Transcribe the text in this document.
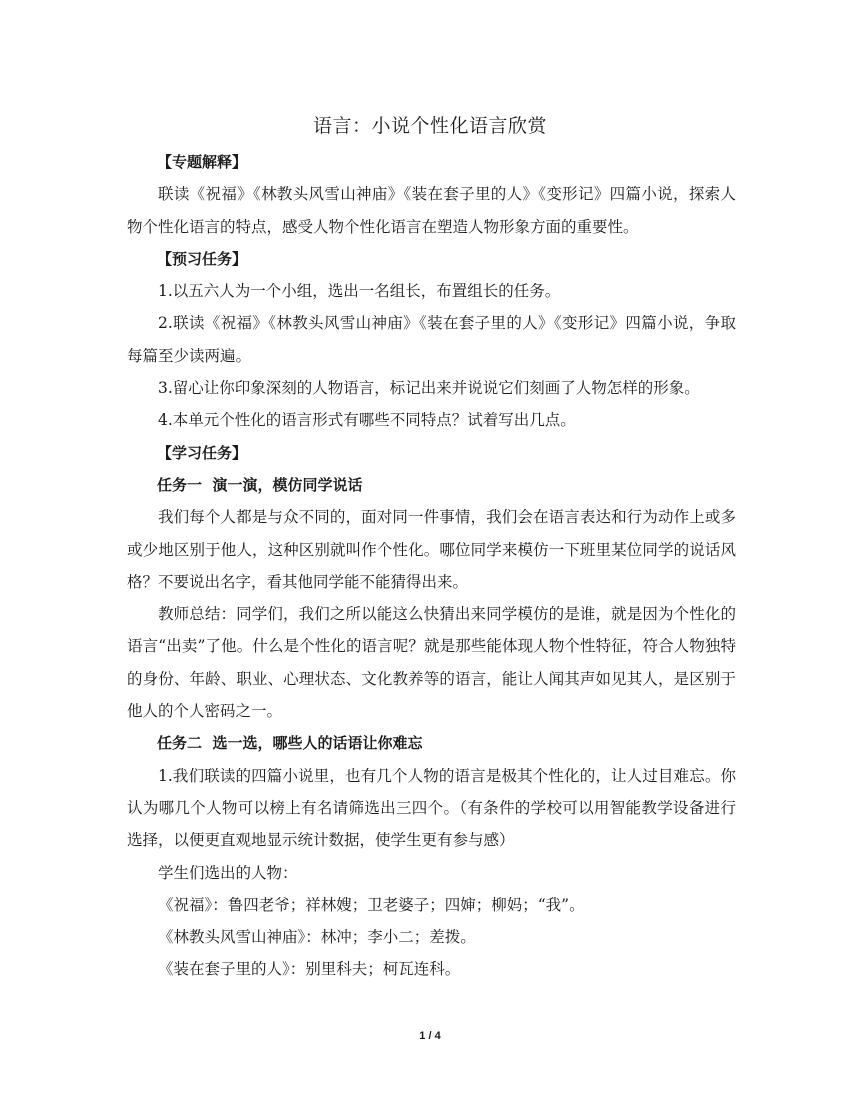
语言：小说个性化语言欣赏

【专题解释】

联读《祝福》《林教头风雪山神庙》《装在套子里的人》《变形记》四篇小说，探索人物个性化语言的特点，感受人物个性化语言在塑造人物形象方面的重要性。

【预习任务】

1.以五六人为一个小组，选出一名组长，布置组长的任务。

2.联读《祝福》《林教头风雪山神庙》《装在套子里的人》《变形记》四篇小说，争取每篇至少读两遍。

3.留心让你印象深刻的人物语言，标记出来并说说它们刻画了人物怎样的形象。

4.本单元个性化的语言形式有哪些不同特点？试着写出几点。

【学习任务】

任务一  演一演，模仿同学说话

我们每个人都是与众不同的，面对同一件事情，我们会在语言表达和行为动作上或多或少地区别于他人，这种区别就叫作个性化。哪位同学来模仿一下班里某位同学的说话风格？不要说出名字，看其他同学能不能猜得出来。

教师总结：同学们，我们之所以能这么快猜出来同学模仿的是谁，就是因为个性化的语言“出卖”了他。什么是个性化的语言呢？就是那些能体现人物个性特征，符合人物独特的身份、年龄、职业、心理状态、文化教养等的语言，能让人闻其声如见其人，是区别于他人的个人密码之一。

任务二  选一选，哪些人的话语让你难忘

1.我们联读的四篇小说里，也有几个人物的语言是极其个性化的，让人过目难忘。你认为哪几个人物可以榜上有名请筛选出三四个。（有条件的学校可以用智能教学设备进行选择，以便更直观地显示统计数据，使学生更有参与感）

学生们选出的人物：

《祝福》：鲁四老爷；祥林嫂；卫老婆子；四婶；柳妈；“我”。

《林教头风雪山神庙》：林冲；李小二；差拨。

《装在套子里的人》：别里科夫；柯瓦连科。

1 / 4
